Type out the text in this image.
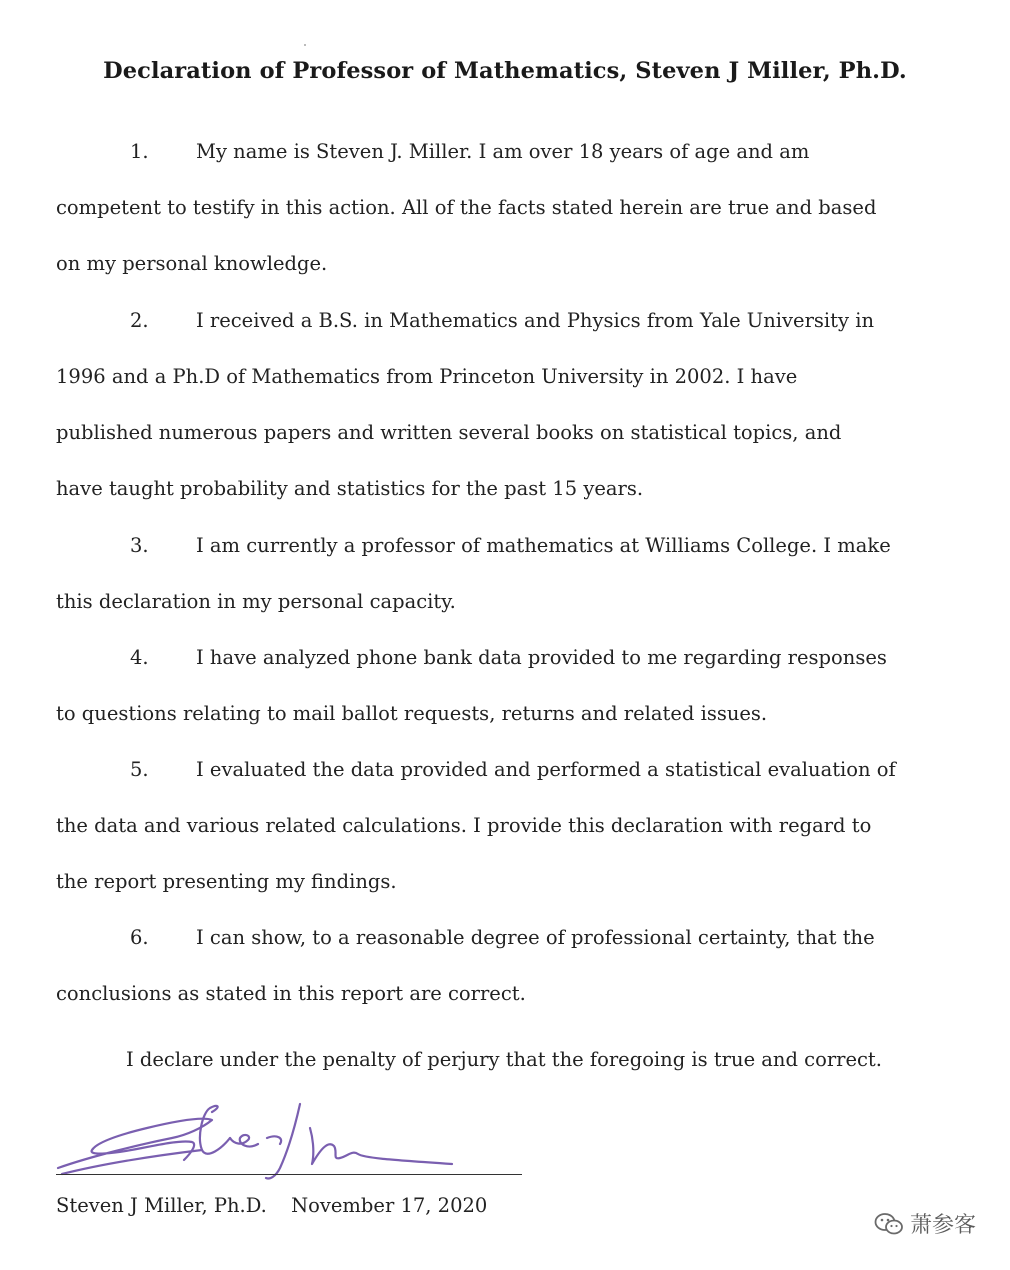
Declaration of Professor of Mathematics, Steven J Miller, Ph.D.
1. My name is Steven J. Miller. I am over 18 years of age and am
competent to testify in this action. All of the facts stated herein are true and based
on my personal knowledge.
2. I received a B.S. in Mathematics and Physics from Yale University in
1996 and a Ph.D of Mathematics from Princeton University in 2002. I have
published numerous papers and written several books on statistical topics, and
have taught probability and statistics for the past 15 years.
3. I am currently a professor of mathematics at Williams College. I make
this declaration in my personal capacity.
4. I have analyzed phone bank data provided to me regarding responses
to questions relating to mail ballot requests, returns and related issues.
5. I evaluated the data provided and performed a statistical evaluation of
the data and various related calculations. I provide this declaration with regard to
the report presenting my findings.
6. I can show, to a reasonable degree of professional certainty, that the
conclusions as stated in this report are correct.
I declare under the penalty of perjury that the foregoing is true and correct.
Steven J Miller, Ph.D. November 17, 2020
萧参客
